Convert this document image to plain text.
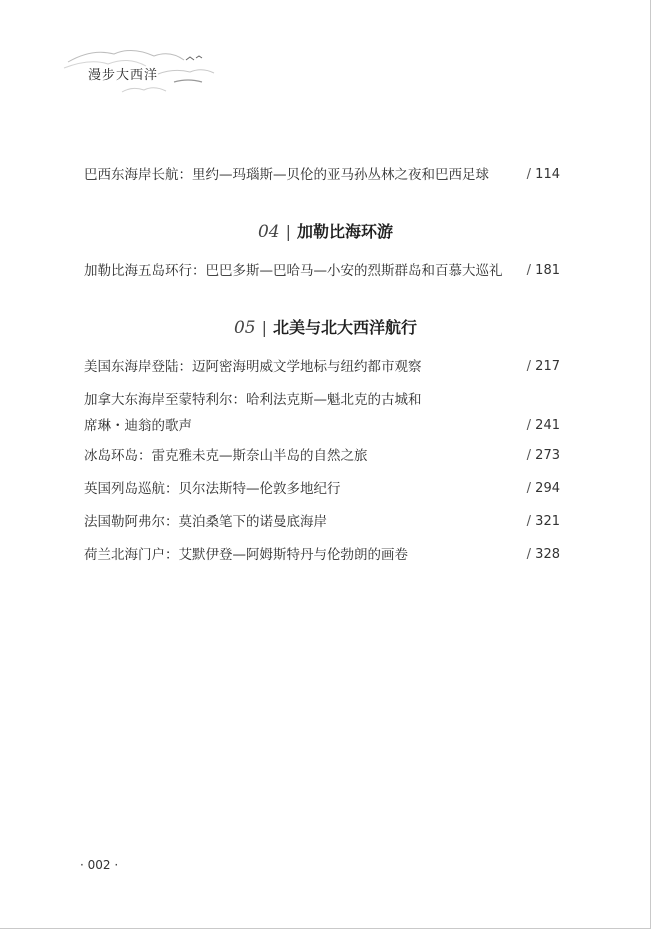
漫步大西洋
巴西东海岸长航：里约—玛瑙斯—贝伦的亚马孙丛林之夜和巴西足球	/ 114
04 | 加勒比海环游
加勒比海五岛环行：巴巴多斯—巴哈马—小安的烈斯群岛和百慕大巡礼	/ 181
05 | 北美与北大西洋航行
美国东海岸登陆：迈阿密海明威文学地标与纽约都市观察	/ 217
加拿大东海岸至蒙特利尔：哈利法克斯—魁北克的古城和
席琳・迪翁的歌声	/ 241
冰岛环岛：雷克雅未克—斯奈山半岛的自然之旅	/ 273
英国列岛巡航：贝尔法斯特—伦敦多地纪行	/ 294
法国勒阿弗尔：莫泊桑笔下的诺曼底海岸	/ 321
荷兰北海门户：艾默伊登—阿姆斯特丹与伦勃朗的画卷	/ 328
· 002 ·
